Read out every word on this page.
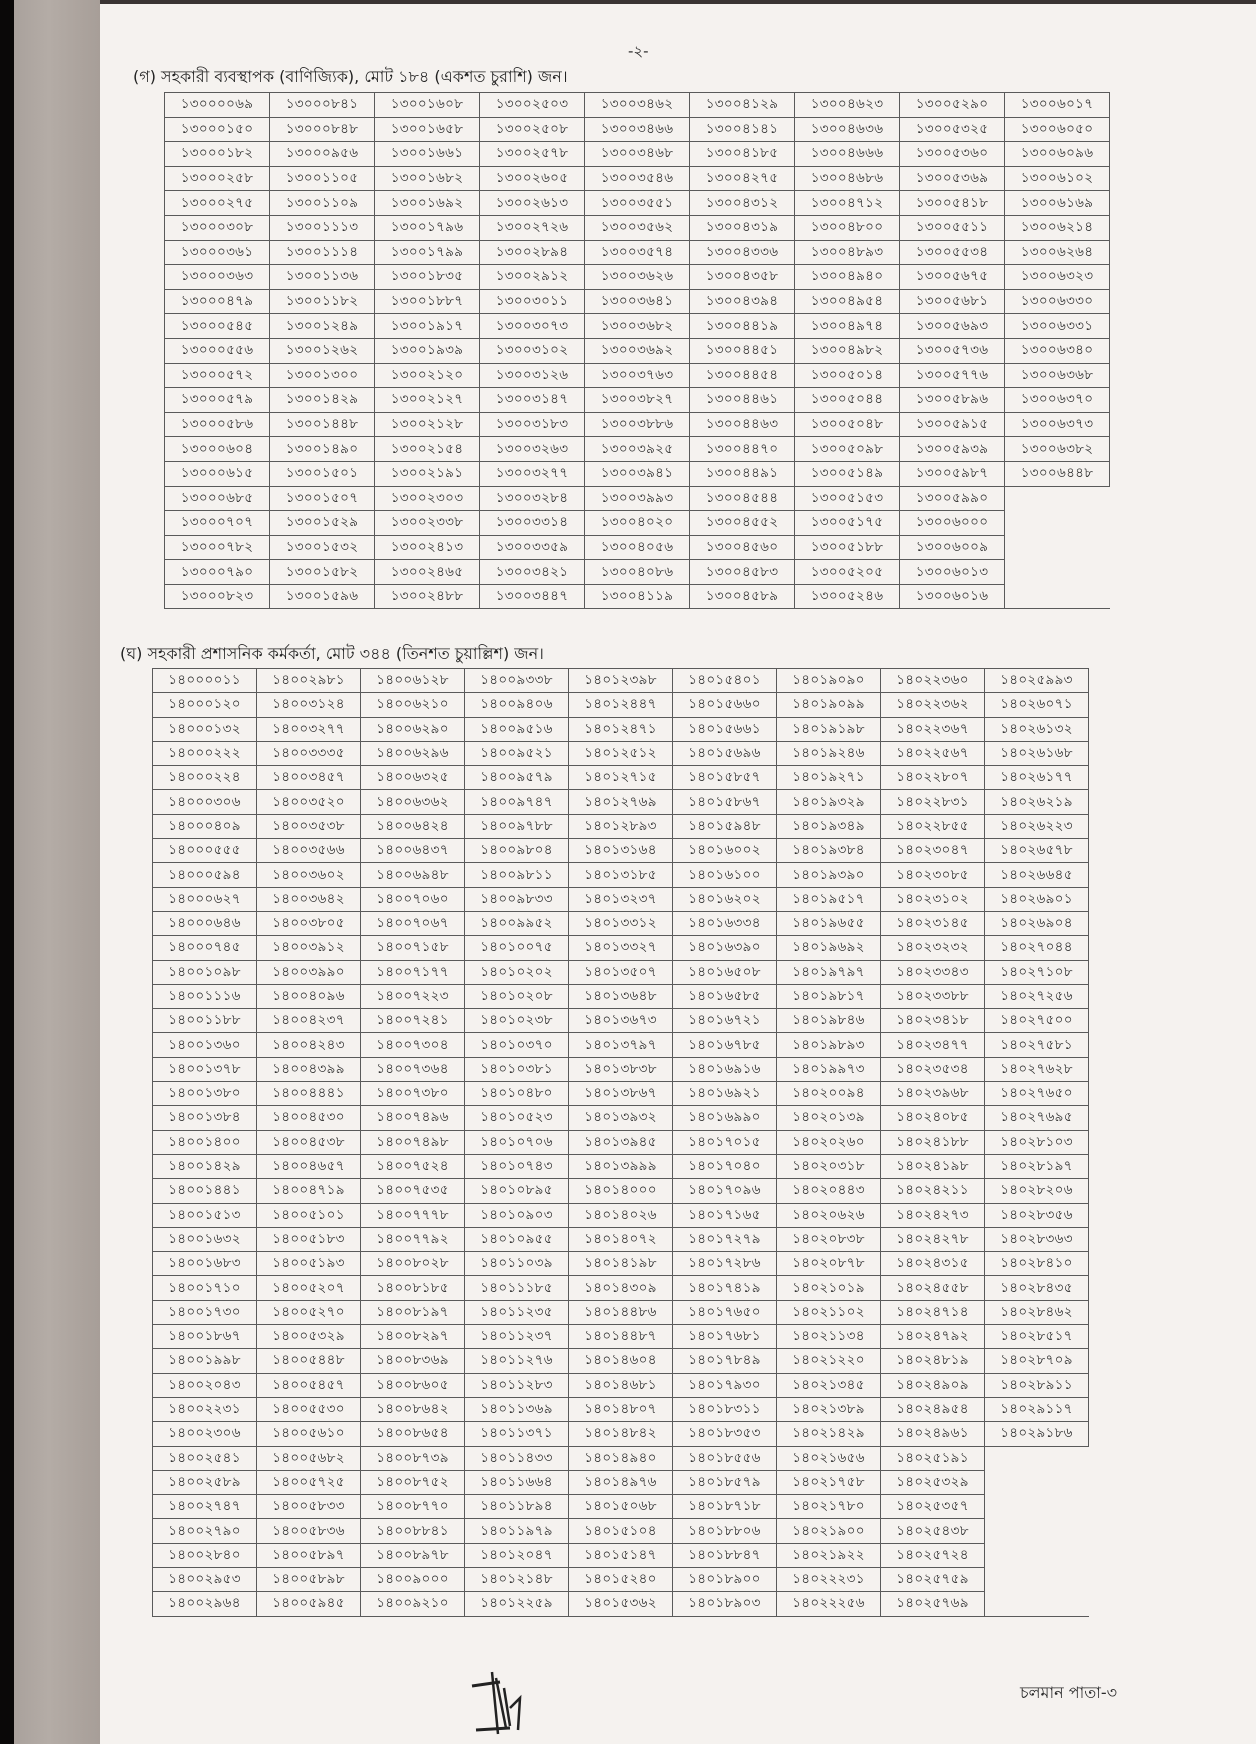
-২-
(গ) সহকারী ব্যবস্থাপক (বাণিজ্যিক), মোট ১৮৪ (একশত চুরাশি) জন।
১৩০০০০৬৯	১৩০০০৮৪১	১৩০০১৬০৮	১৩০০২৫০৩	১৩০০৩৪৬২	১৩০০৪১২৯	১৩০০৪৬২৩	১৩০০৫২৯০	১৩০০৬০১৭
১৩০০০১৫০	১৩০০০৮৪৮	১৩০০১৬৫৮	১৩০০২৫০৮	১৩০০৩৪৬৬	১৩০০৪১৪১	১৩০০৪৬৩৬	১৩০০৫৩২৫	১৩০০৬০৫০
১৩০০০১৮২	১৩০০০৯৫৬	১৩০০১৬৬১	১৩০০২৫৭৮	১৩০০৩৪৬৮	১৩০০৪১৮৫	১৩০০৪৬৬৬	১৩০০৫৩৬০	১৩০০৬০৯৬
১৩০০০২৫৮	১৩০০১১০৫	১৩০০১৬৮২	১৩০০২৬০৫	১৩০০৩৫৪৬	১৩০০৪২৭৫	১৩০০৪৬৮৬	১৩০০৫৩৬৯	১৩০০৬১০২
১৩০০০২৭৫	১৩০০১১০৯	১৩০০১৬৯২	১৩০০২৬১৩	১৩০০৩৫৫১	১৩০০৪৩১২	১৩০০৪৭১২	১৩০০৫৪১৮	১৩০০৬১৬৯
১৩০০০৩০৮	১৩০০১১১৩	১৩০০১৭৯৬	১৩০০২৭২৬	১৩০০৩৫৬২	১৩০০৪৩১৯	১৩০০৪৮০০	১৩০০৫৫১১	১৩০০৬২১৪
১৩০০০৩৬১	১৩০০১১১৪	১৩০০১৭৯৯	১৩০০২৮৯৪	১৩০০৩৫৭৪	১৩০০৪৩৩৬	১৩০০৪৮৯৩	১৩০০৫৫৩৪	১৩০০৬২৬৪
১৩০০০৩৬৩	১৩০০১১৩৬	১৩০০১৮৩৫	১৩০০২৯১২	১৩০০৩৬২৬	১৩০০৪৩৫৮	১৩০০৪৯৪০	১৩০০৫৬৭৫	১৩০০৬৩২৩
১৩০০০৪৭৯	১৩০০১১৮২	১৩০০১৮৮৭	১৩০০৩০১১	১৩০০৩৬৪১	১৩০০৪৩৯৪	১৩০০৪৯৫৪	১৩০০৫৬৮১	১৩০০৬৩৩০
১৩০০০৫৪৫	১৩০০১২৪৯	১৩০০১৯১৭	১৩০০৩০৭৩	১৩০০৩৬৮২	১৩০০৪৪১৯	১৩০০৪৯৭৪	১৩০০৫৬৯৩	১৩০০৬৩৩১
১৩০০০৫৫৬	১৩০০১২৬২	১৩০০১৯৩৯	১৩০০৩১০২	১৩০০৩৬৯২	১৩০০৪৪৫১	১৩০০৪৯৮২	১৩০০৫৭৩৬	১৩০০৬৩৪০
১৩০০০৫৭২	১৩০০১৩০০	১৩০০২১২০	১৩০০৩১২৬	১৩০০৩৭৬৩	১৩০০৪৪৫৪	১৩০০৫০১৪	১৩০০৫৭৭৬	১৩০০৬৩৬৮
১৩০০০৫৭৯	১৩০০১৪২৯	১৩০০২১২৭	১৩০০৩১৪৭	১৩০০৩৮২৭	১৩০০৪৪৬১	১৩০০৫০৪৪	১৩০০৫৮৯৬	১৩০০৬৩৭০
১৩০০০৫৮৬	১৩০০১৪৪৮	১৩০০২১২৮	১৩০০৩১৮৩	১৩০০৩৮৮৬	১৩০০৪৪৬৩	১৩০০৫০৪৮	১৩০০৫৯১৫	১৩০০৬৩৭৩
১৩০০০৬০৪	১৩০০১৪৯০	১৩০০২১৫৪	১৩০০৩২৬৩	১৩০০৩৯২৫	১৩০০৪৪৭০	১৩০০৫০৯৮	১৩০০৫৯৩৯	১৩০০৬৩৮২
১৩০০০৬১৫	১৩০০১৫০১	১৩০০২১৯১	১৩০০৩২৭৭	১৩০০৩৯৪১	১৩০০৪৪৯১	১৩০০৫১৪৯	১৩০০৫৯৮৭	১৩০০৬৪৪৮
১৩০০০৬৮৫	১৩০০১৫০৭	১৩০০২৩০৩	১৩০০৩২৮৪	১৩০০৩৯৯৩	১৩০০৪৫৪৪	১৩০০৫১৫৩	১৩০০৫৯৯০	
১৩০০০৭০৭	১৩০০১৫২৯	১৩০০২৩৩৮	১৩০০৩৩১৪	১৩০০৪০২০	১৩০০৪৫৫২	১৩০০৫১৭৫	১৩০০৬০০০	
১৩০০০৭৮২	১৩০০১৫৩২	১৩০০২৪১৩	১৩০০৩৩৫৯	১৩০০৪০৫৬	১৩০০৪৫৬০	১৩০০৫১৮৮	১৩০০৬০০৯	
১৩০০০৭৯০	১৩০০১৫৮২	১৩০০২৪৬৫	১৩০০৩৪২১	১৩০০৪০৮৬	১৩০০৪৫৮৩	১৩০০৫২০৫	১৩০০৬০১৩	
১৩০০০৮২৩	১৩০০১৫৯৬	১৩০০২৪৮৮	১৩০০৩৪৪৭	১৩০০৪১১৯	১৩০০৪৫৮৯	১৩০০৫২৪৬	১৩০০৬০১৬	
(ঘ) সহকারী প্রশাসনিক কর্মকর্তা, মোট ৩৪৪ (তিনশত চুয়াল্লিশ) জন।
১৪০০০০১১	১৪০০২৯৮১	১৪০০৬১২৮	১৪০০৯৩৩৮	১৪০১২৩৯৮	১৪০১৫৪০১	১৪০১৯০৯০	১৪০২২৩৬০	১৪০২৫৯৯৩
১৪০০০১২০	১৪০০৩১২৪	১৪০০৬২১০	১৪০০৯৪০৬	১৪০১২৪৪৭	১৪০১৫৬৬০	১৪০১৯০৯৯	১৪০২২৩৬২	১৪০২৬০৭১
১৪০০০১৩২	১৪০০৩২৭৭	১৪০০৬২৯০	১৪০০৯৫১৬	১৪০১২৪৭১	১৪০১৫৬৬১	১৪০১৯১৯৮	১৪০২২৩৬৭	১৪০২৬১৩২
১৪০০০২২২	১৪০০৩৩৩৫	১৪০০৬২৯৬	১৪০০৯৫২১	১৪০১২৫১২	১৪০১৫৬৯৬	১৪০১৯২৪৬	১৪০২২৫৬৭	১৪০২৬১৬৮
১৪০০০২২৪	১৪০০৩৪৫৭	১৪০০৬৩২৫	১৪০০৯৫৭৯	১৪০১২৭১৫	১৪০১৫৮৫৭	১৪০১৯২৭১	১৪০২২৮০৭	১৪০২৬১৭৭
১৪০০০৩০৬	১৪০০৩৫২০	১৪০০৬৩৬২	১৪০০৯৭৪৭	১৪০১২৭৬৯	১৪০১৫৮৬৭	১৪০১৯৩২৯	১৪০২২৮৩১	১৪০২৬২১৯
১৪০০০৪০৯	১৪০০৩৫৩৮	১৪০০৬৪২৪	১৪০০৯৭৮৮	১৪০১২৮৯৩	১৪০১৫৯৪৮	১৪০১৯৩৪৯	১৪০২২৮৫৫	১৪০২৬২২৩
১৪০০০৫৫৫	১৪০০৩৫৬৬	১৪০০৬৪৩৭	১৪০০৯৮০৪	১৪০১৩১৬৪	১৪০১৬০০২	১৪০১৯৩৮৪	১৪০২৩০৪৭	১৪০২৬৫৭৮
১৪০০০৫৯৪	১৪০০৩৬০২	১৪০০৬৯৪৮	১৪০০৯৮১১	১৪০১৩১৮৫	১৪০১৬১০০	১৪০১৯৩৯০	১৪০২৩০৮৫	১৪০২৬৬৪৫
১৪০০০৬২৭	১৪০০৩৬৪২	১৪০০৭০৬০	১৪০০৯৮৩৩	১৪০১৩২৩৭	১৪০১৬২০২	১৪০১৯৫১৭	১৪০২৩১০২	১৪০২৬৯০১
১৪০০০৬৪৬	১৪০০৩৮০৫	১৪০০৭০৬৭	১৪০০৯৯৫২	১৪০১৩৩১২	১৪০১৬৩৩৪	১৪০১৯৬৫৫	১৪০২৩১৪৫	১৪০২৬৯০৪
১৪০০০৭৪৫	১৪০০৩৯১২	১৪০০৭১৫৮	১৪০১০০৭৫	১৪০১৩৩২৭	১৪০১৬৩৯০	১৪০১৯৬৯২	১৪০২৩২৩২	১৪০২৭০৪৪
১৪০০১০৯৮	১৪০০৩৯৯০	১৪০০৭১৭৭	১৪০১০২০২	১৪০১৩৫০৭	১৪০১৬৫০৮	১৪০১৯৭৯৭	১৪০২৩৩৪৩	১৪০২৭১০৮
১৪০০১১১৬	১৪০০৪০৯৬	১৪০০৭২২৩	১৪০১০২০৮	১৪০১৩৬৪৮	১৪০১৬৫৮৫	১৪০১৯৮১৭	১৪০২৩৩৮৮	১৪০২৭২৫৬
১৪০০১১৮৮	১৪০০৪২৩৭	১৪০০৭২৪১	১৪০১০২৩৮	১৪০১৩৬৭৩	১৪০১৬৭২১	১৪০১৯৮৪৬	১৪০২৩৪১৮	১৪০২৭৫০০
১৪০০১৩৬০	১৪০০৪২৪৩	১৪০০৭৩০৪	১৪০১০৩৭০	১৪০১৩৭৯৭	১৪০১৬৭৮৫	১৪০১৯৮৯৩	১৪০২৩৪৭৭	১৪০২৭৫৮১
১৪০০১৩৭৮	১৪০০৪৩৯৯	১৪০০৭৩৬৪	১৪০১০৩৮১	১৪০১৩৮৩৮	১৪০১৬৯১৬	১৪০১৯৯৭৩	১৪০২৩৫৩৪	১৪০২৭৬২৮
১৪০০১৩৮০	১৪০০৪৪৪১	১৪০০৭৩৮০	১৪০১০৪৮০	১৪০১৩৮৬৭	১৪০১৬৯২১	১৪০২০০৯৪	১৪০২৩৯৬৮	১৪০২৭৬৫০
১৪০০১৩৮৪	১৪০০৪৫৩০	১৪০০৭৪৯৬	১৪০১০৫২৩	১৪০১৩৯৩২	১৪০১৬৯৯০	১৪০২০১৩৯	১৪০২৪০৮৫	১৪০২৭৬৯৫
১৪০০১৪০০	১৪০০৪৫৩৮	১৪০০৭৪৯৮	১৪০১০৭০৬	১৪০১৩৯৪৫	১৪০১৭০১৫	১৪০২০২৬০	১৪০২৪১৮৮	১৪০২৮১০৩
১৪০০১৪২৯	১৪০০৪৬৫৭	১৪০০৭৫২৪	১৪০১০৭৪৩	১৪০১৩৯৯৯	১৪০১৭০৪০	১৪০২০৩১৮	১৪০২৪১৯৮	১৪০২৮১৯৭
১৪০০১৪৪১	১৪০০৪৭১৯	১৪০০৭৫৩৫	১৪০১০৮৯৫	১৪০১৪০০০	১৪০১৭০৯৬	১৪০২০৪৪৩	১৪০২৪২১১	১৪০২৮২০৬
১৪০০১৫১৩	১৪০০৫১০১	১৪০০৭৭৭৮	১৪০১০৯০৩	১৪০১৪০২৬	১৪০১৭১৬৫	১৪০২০৬২৬	১৪০২৪২৭৩	১৪০২৮৩৫৬
১৪০০১৬৩২	১৪০০৫১৮৩	১৪০০৭৭৯২	১৪০১০৯৫৫	১৪০১৪০৭২	১৪০১৭২৭৯	১৪০২০৮৩৮	১৪০২৪২৭৮	১৪০২৮৩৬৩
১৪০০১৬৮৩	১৪০০৫১৯৩	১৪০০৮০২৮	১৪০১১০৩৯	১৪০১৪১৯৮	১৪০১৭২৮৬	১৪০২০৮৭৮	১৪০২৪৩১৫	১৪০২৮৪১০
১৪০০১৭১০	১৪০০৫২০৭	১৪০০৮১৮৫	১৪০১১১৮৫	১৪০১৪৩০৯	১৪০১৭৪১৯	১৪০২১০১৯	১৪০২৪৫৫৮	১৪০২৮৪৩৫
১৪০০১৭৩০	১৪০০৫২৭০	১৪০০৮১৯৭	১৪০১১২৩৫	১৪০১৪৪৮৬	১৪০১৭৬৫০	১৪০২১১০২	১৪০২৪৭১৪	১৪০২৮৪৬২
১৪০০১৮৬৭	১৪০০৫৩২৯	১৪০০৮২৯৭	১৪০১১২৩৭	১৪০১৪৪৮৭	১৪০১৭৬৮১	১৪০২১১৩৪	১৪০২৪৭৯২	১৪০২৮৫১৭
১৪০০১৯৯৮	১৪০০৫৪৪৮	১৪০০৮৩৬৯	১৪০১১২৭৬	১৪০১৪৬০৪	১৪০১৭৮৪৯	১৪০২১২২০	১৪০২৪৮১৯	১৪০২৮৭০৯
১৪০০২০৪৩	১৪০০৫৪৫৭	১৪০০৮৬০৫	১৪০১১২৮৩	১৪০১৪৬৮১	১৪০১৭৯৩০	১৪০২১৩৪৫	১৪০২৪৯০৯	১৪০২৮৯১১
১৪০০২২৩১	১৪০০৫৫৩০	১৪০০৮৬৪২	১৪০১১৩৬৯	১৪০১৪৮০৭	১৪০১৮৩১১	১৪০২১৩৮৯	১৪০২৪৯৫৪	১৪০২৯১১৭
১৪০০২৩০৬	১৪০০৫৬১০	১৪০০৮৬৫৪	১৪০১১৩৭১	১৪০১৪৮৪২	১৪০১৮৩৫৩	১৪০২১৪২৯	১৪০২৪৯৬১	১৪০২৯১৮৬
১৪০০২৫৪১	১৪০০৫৬৮২	১৪০০৮৭৩৯	১৪০১১৪৩৩	১৪০১৪৯৪০	১৪০১৮৫৫৬	১৪০২১৬৫৬	১৪০২৫১৯১	
১৪০০২৫৮৯	১৪০০৫৭২৫	১৪০০৮৭৫২	১৪০১১৬৬৪	১৪০১৪৯৭৬	১৪০১৮৫৭৯	১৪০২১৭৫৮	১৪০২৫৩২৯	
১৪০০২৭৪৭	১৪০০৫৮৩৩	১৪০০৮৭৭০	১৪০১১৮৯৪	১৪০১৫০৬৮	১৪০১৮৭১৮	১৪০২১৭৮০	১৪০২৫৩৫৭	
১৪০০২৭৯০	১৪০০৫৮৩৬	১৪০০৮৮৪১	১৪০১১৯৭৯	১৪০১৫১০৪	১৪০১৮৮০৬	১৪০২১৯০০	১৪০২৫৪৩৮	
১৪০০২৮৪০	১৪০০৫৮৯৭	১৪০০৮৯৭৮	১৪০১২০৪৭	১৪০১৫১৪৭	১৪০১৮৮৪৭	১৪০২১৯২২	১৪০২৫৭২৪	
১৪০০২৯৫৩	১৪০০৫৮৯৮	১৪০০৯০০০	১৪০১২১৪৮	১৪০১৫২৪০	১৪০১৮৯০০	১৪০২২২৩১	১৪০২৫৭৫৯	
১৪০০২৯৬৪	১৪০০৫৯৪৫	১৪০০৯২১০	১৪০১২২৫৯	১৪০১৫৩৬২	১৪০১৮৯০৩	১৪০২২২৫৬	১৪০২৫৭৬৯	
চলমান পাতা-৩
